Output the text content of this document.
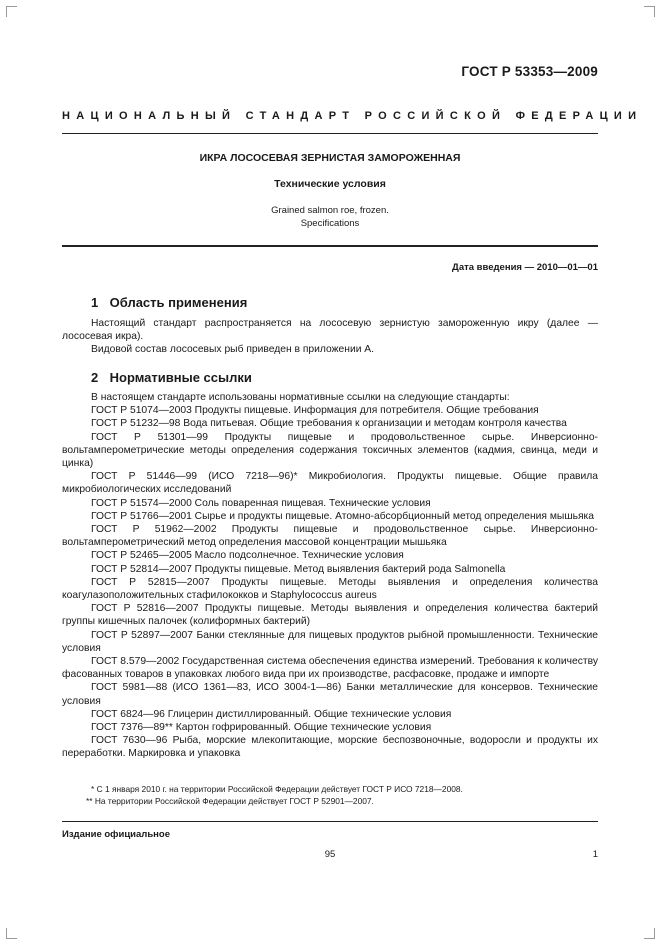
ГОСТ Р 53353—2009
НАЦИОНАЛЬНЫЙ СТАНДАРТ РОССИЙСКОЙ ФЕДЕРАЦИИ
ИКРА ЛОСОСЕВАЯ ЗЕРНИСТАЯ ЗАМОРОЖЕННАЯ
Технические условия
Grained salmon roe, frozen.
Specifications
Дата введения — 2010—01—01
1 Область применения

Настоящий стандарт распространяется на лососевую зернистую замороженную икру (далее — лососевая икра).

Видовой состав лососевых рыб приведен в приложении А.

2 Нормативные ссылки

В настоящем стандарте использованы нормативные ссылки на следующие стандарты:

ГОСТ Р 51074—2003 Продукты пищевые. Информация для потребителя. Общие требования

ГОСТ Р 51232—98 Вода питьевая. Общие требования к организации и методам контроля качества

ГОСТ Р 51301—99 Продукты пищевые и продовольственное сырье. Инверсионно-вольтамперометрические методы определения содержания токсичных элементов (кадмия, свинца, меди и цинка)

ГОСТ Р 51446—99 (ИСО 7218—96)* Микробиология. Продукты пищевые. Общие правила микробиологических исследований

ГОСТ Р 51574—2000 Соль поваренная пищевая. Технические условия

ГОСТ Р 51766—2001 Сырье и продукты пищевые. Атомно-абсорбционный метод определения мышьяка

ГОСТ Р 51962—2002 Продукты пищевые и продовольственное сырье. Инверсионно-вольтамперометрический метод определения массовой концентрации мышьяка

ГОСТ Р 52465—2005 Масло подсолнечное. Технические условия

ГОСТ Р 52814—2007 Продукты пищевые. Метод выявления бактерий рода Salmonella

ГОСТ Р 52815—2007 Продукты пищевые. Методы выявления и определения количества коагулазоположительных стафилококков и Staphylococcus aureus

ГОСТ Р 52816—2007 Продукты пищевые. Методы выявления и определения количества бактерий группы кишечных палочек (колиформных бактерий)

ГОСТ Р 52897—2007 Банки стеклянные для пищевых продуктов рыбной промышленности. Технические условия

ГОСТ 8.579—2002 Государственная система обеспечения единства измерений. Требования к количеству фасованных товаров в упаковках любого вида при их производстве, расфасовке, продаже и импорте

ГОСТ 5981—88 (ИСО 1361—83, ИСО 3004-1—86) Банки металлические для консервов. Технические условия

ГОСТ 6824—96 Глицерин дистиллированный. Общие технические условия

ГОСТ 7376—89** Картон гофрированный. Общие технические условия

ГОСТ 7630—96 Рыба, морские млекопитающие, морские беспозвоночные, водоросли и продукты их переработки. Маркировка и упаковка

* С 1 января 2010 г. на территории Российской Федерации действует ГОСТ Р ИСО 7218—2008.

** На территории Российской Федерации действует ГОСТ Р 52901—2007.

Издание официальное
95	1
